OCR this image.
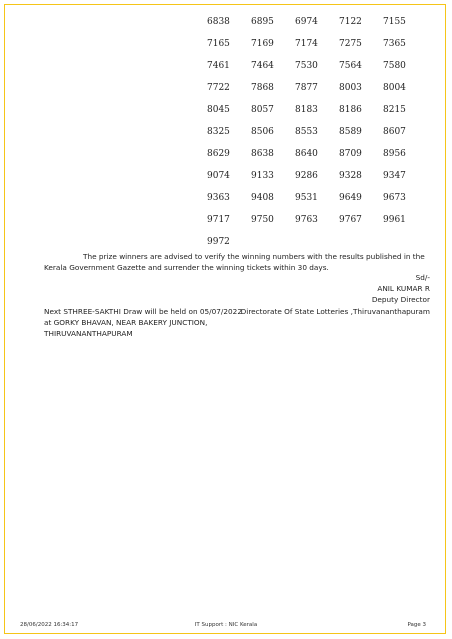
6838	6895	6974	7122	7155
7165	7169	7174	7275	7365
7461	7464	7530	7564	7580
7722	7868	7877	8003	8004
8045	8057	8183	8186	8215
8325	8506	8553	8589	8607
8629	8638	8640	8709	8956
9074	9133	9286	9328	9347
9363	9408	9531	9649	9673
9717	9750	9763	9767	9961
9972
The prize winners are advised to verify the winning numbers with the results published in the Kerala Government Gazette and surrender the winning tickets within 30 days.
Sd/-
ANIL KUMAR R
Deputy Director
Directorate Of State Lotteries ,Thiruvananthapuram
Next STHREE-SAKTHI Draw will be held on 05/07/2022
at GORKY BHAVAN, NEAR BAKERY JUNCTION,
THIRUVANANTHAPURAM
28/06/2022 16:34:17	IT Support : NIC Kerala	Page 3
